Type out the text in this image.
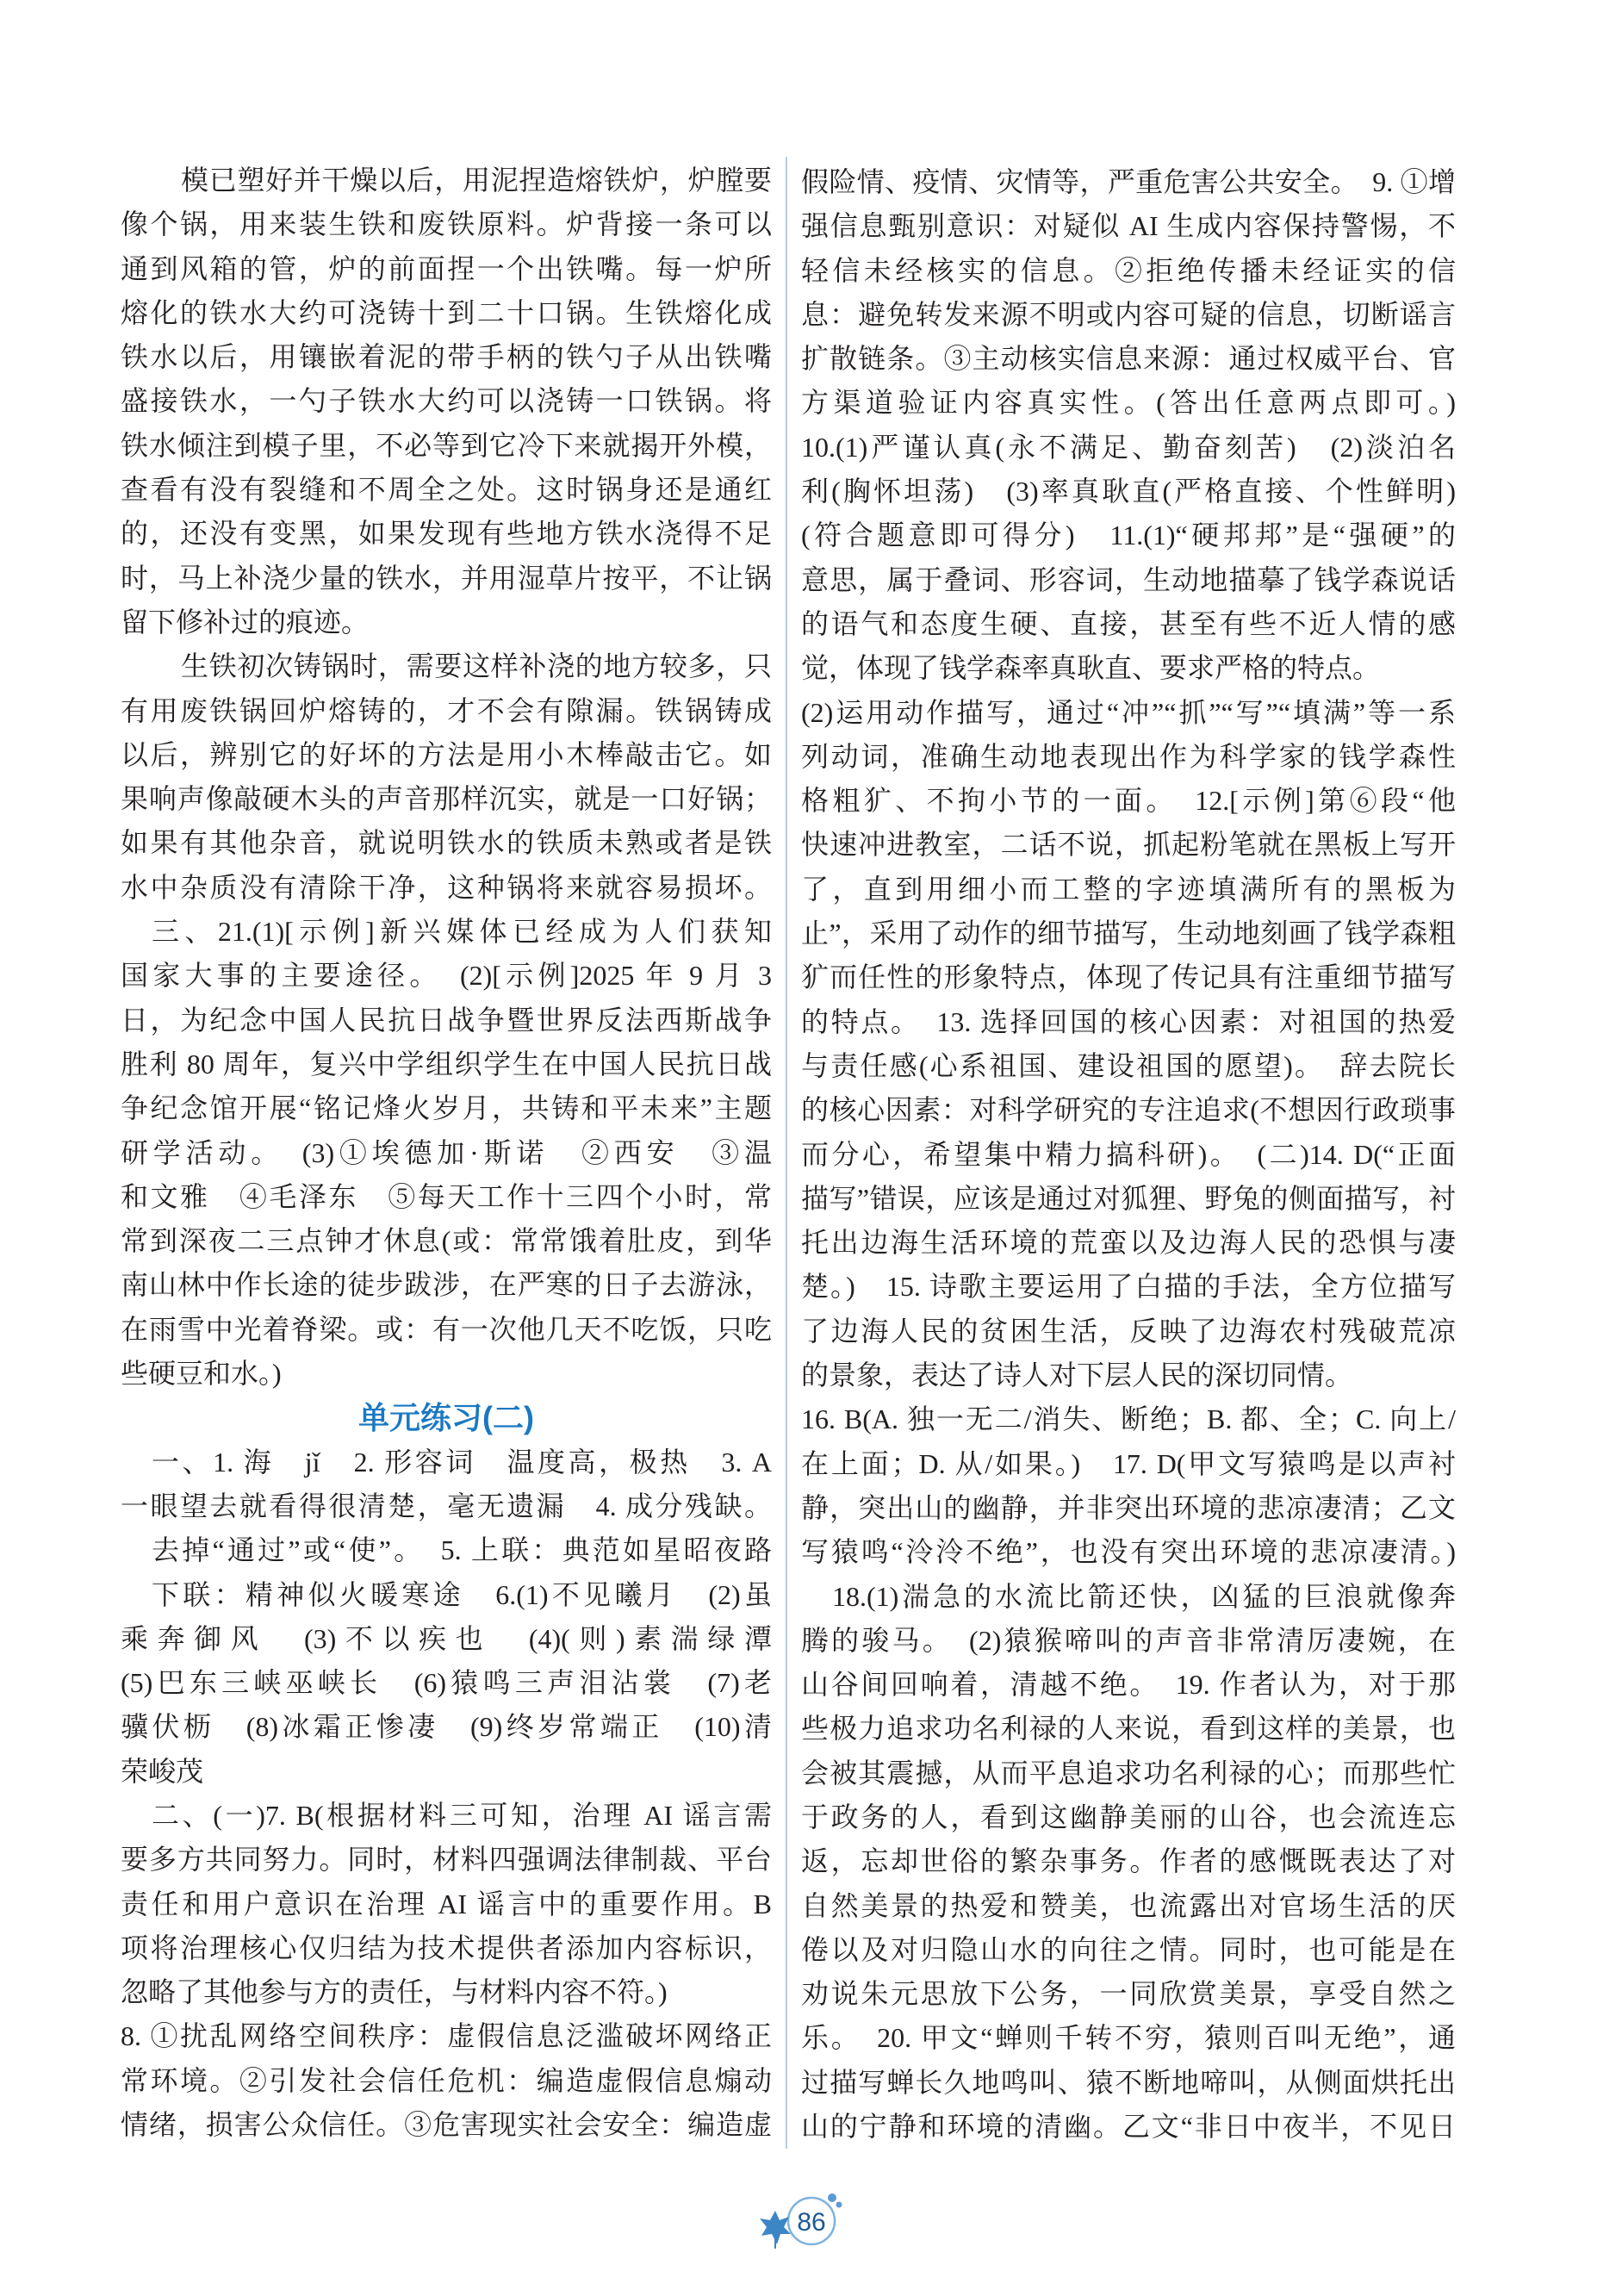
模已塑好并干燥以后，用泥捏造熔铁炉，炉膛要
像个锅，用来装生铁和废铁原料。炉背接一条可以
通到风箱的管，炉的前面捏一个出铁嘴。每一炉所
熔化的铁水大约可浇铸十到二十口锅。生铁熔化成
铁水以后，用镶嵌着泥的带手柄的铁勺子从出铁嘴
盛接铁水，一勺子铁水大约可以浇铸一口铁锅。将
铁水倾注到模子里，不必等到它冷下来就揭开外模，
查看有没有裂缝和不周全之处。这时锅身还是通红
的，还没有变黑，如果发现有些地方铁水浇得不足
时，马上补浇少量的铁水，并用湿草片按平，不让锅
留下修补过的痕迹。
生铁初次铸锅时，需要这样补浇的地方较多，只
有用废铁锅回炉熔铸的，才不会有隙漏。铁锅铸成
以后，辨别它的好坏的方法是用小木棒敲击它。如
果响声像敲硬木头的声音那样沉实，就是一口好锅；
如果有其他杂音，就说明铁水的铁质未熟或者是铁
水中杂质没有清除干净，这种锅将来就容易损坏。
三、21.(1)[示例]新兴媒体已经成为人们获知
国家大事的主要途径。　(2)[示例]2025 年 9 月 3
日，为纪念中国人民抗日战争暨世界反法西斯战争
胜利 80 周年，复兴中学组织学生在中国人民抗日战
争纪念馆开展“铭记烽火岁月，共铸和平未来”主题
研学活动。　(3)①埃德加·斯诺　②西安　③温
和文雅　④毛泽东　⑤每天工作十三四个小时，常
常到深夜二三点钟才休息(或：常常饿着肚皮，到华
南山林中作长途的徒步跋涉，在严寒的日子去游泳，
在雨雪中光着脊梁。或：有一次他几天不吃饭，只吃
些硬豆和水。)
单元练习(二)
一、1. 海　jǐ　2. 形容词　温度高，极热　3. A
一眼望去就看得很清楚，毫无遗漏　4. 成分残缺。
去掉“通过”或“使”。　5. 上联：典范如星昭夜路
下联：精神似火暖寒途　6.(1)不见曦月　(2)虽
乘奔御风　(3)不以疾也　(4)(则)素湍绿潭
(5)巴东三峡巫峡长　(6)猿鸣三声泪沾裳　(7)老
骥伏枥　(8)冰霜正惨凄　(9)终岁常端正　(10)清
荣峻茂
二、(一)7. B(根据材料三可知，治理 AI 谣言需
要多方共同努力。同时，材料四强调法律制裁、平台
责任和用户意识在治理 AI 谣言中的重要作用。B
项将治理核心仅归结为技术提供者添加内容标识，
忽略了其他参与方的责任，与材料内容不符。)
8. ①扰乱网络空间秩序：虚假信息泛滥破坏网络正
常环境。②引发社会信任危机：编造虚假信息煽动
情绪，损害公众信任。③危害现实社会安全：编造虚
假险情、疫情、灾情等，严重危害公共安全。　9. ①增
强信息甄别意识：对疑似 AI 生成内容保持警惕，不
轻信未经核实的信息。②拒绝传播未经证实的信
息：避免转发来源不明或内容可疑的信息，切断谣言
扩散链条。③主动核实信息来源：通过权威平台、官
方渠道验证内容真实性。(答出任意两点即可。)
10.(1)严谨认真(永不满足、勤奋刻苦)　(2)淡泊名
利(胸怀坦荡)　(3)率真耿直(严格直接、个性鲜明)
(符合题意即可得分)　11.(1)“硬邦邦”是“强硬”的
意思，属于叠词、形容词，生动地描摹了钱学森说话
的语气和态度生硬、直接，甚至有些不近人情的感
觉，体现了钱学森率真耿直、要求严格的特点。
(2)运用动作描写，通过“冲”“抓”“写”“填满”等一系
列动词，准确生动地表现出作为科学家的钱学森性
格粗犷、不拘小节的一面。　12.[示例]第⑥段“他
快速冲进教室，二话不说，抓起粉笔就在黑板上写开
了，直到用细小而工整的字迹填满所有的黑板为
止”，采用了动作的细节描写，生动地刻画了钱学森粗
犷而任性的形象特点，体现了传记具有注重细节描写
的特点。　13. 选择回国的核心因素：对祖国的热爱
与责任感(心系祖国、建设祖国的愿望)。　辞去院长
的核心因素：对科学研究的专注追求(不想因行政琐事
而分心，希望集中精力搞科研)。　(二)14. D(“正面
描写”错误，应该是通过对狐狸、野兔的侧面描写，衬
托出边海生活环境的荒蛮以及边海人民的恐惧与凄
楚。)　15. 诗歌主要运用了白描的手法，全方位描写
了边海人民的贫困生活，反映了边海农村残破荒凉
的景象，表达了诗人对下层人民的深切同情。
16. B(A. 独一无二/消失、断绝；B. 都、全；C. 向上/
在上面；D. 从/如果。)　17. D(甲文写猿鸣是以声衬
静，突出山的幽静，并非突出环境的悲凉凄清；乙文
写猿鸣“泠泠不绝”，也没有突出环境的悲凉凄清。)
18.(1)湍急的水流比箭还快，凶猛的巨浪就像奔
腾的骏马。　(2)猿猴啼叫的声音非常清厉凄婉，在
山谷间回响着，清越不绝。　19. 作者认为，对于那
些极力追求功名利禄的人来说，看到这样的美景，也
会被其震撼，从而平息追求功名利禄的心；而那些忙
于政务的人，看到这幽静美丽的山谷，也会流连忘
返，忘却世俗的繁杂事务。作者的感慨既表达了对
自然美景的热爱和赞美，也流露出对官场生活的厌
倦以及对归隐山水的向往之情。同时，也可能是在
劝说朱元思放下公务，一同欣赏美景，享受自然之
乐。　20. 甲文“蝉则千转不穷，猿则百叫无绝”，通
过描写蝉长久地鸣叫、猿不断地啼叫，从侧面烘托出
山的宁静和环境的清幽。乙文“非日中夜半，不见日
86
